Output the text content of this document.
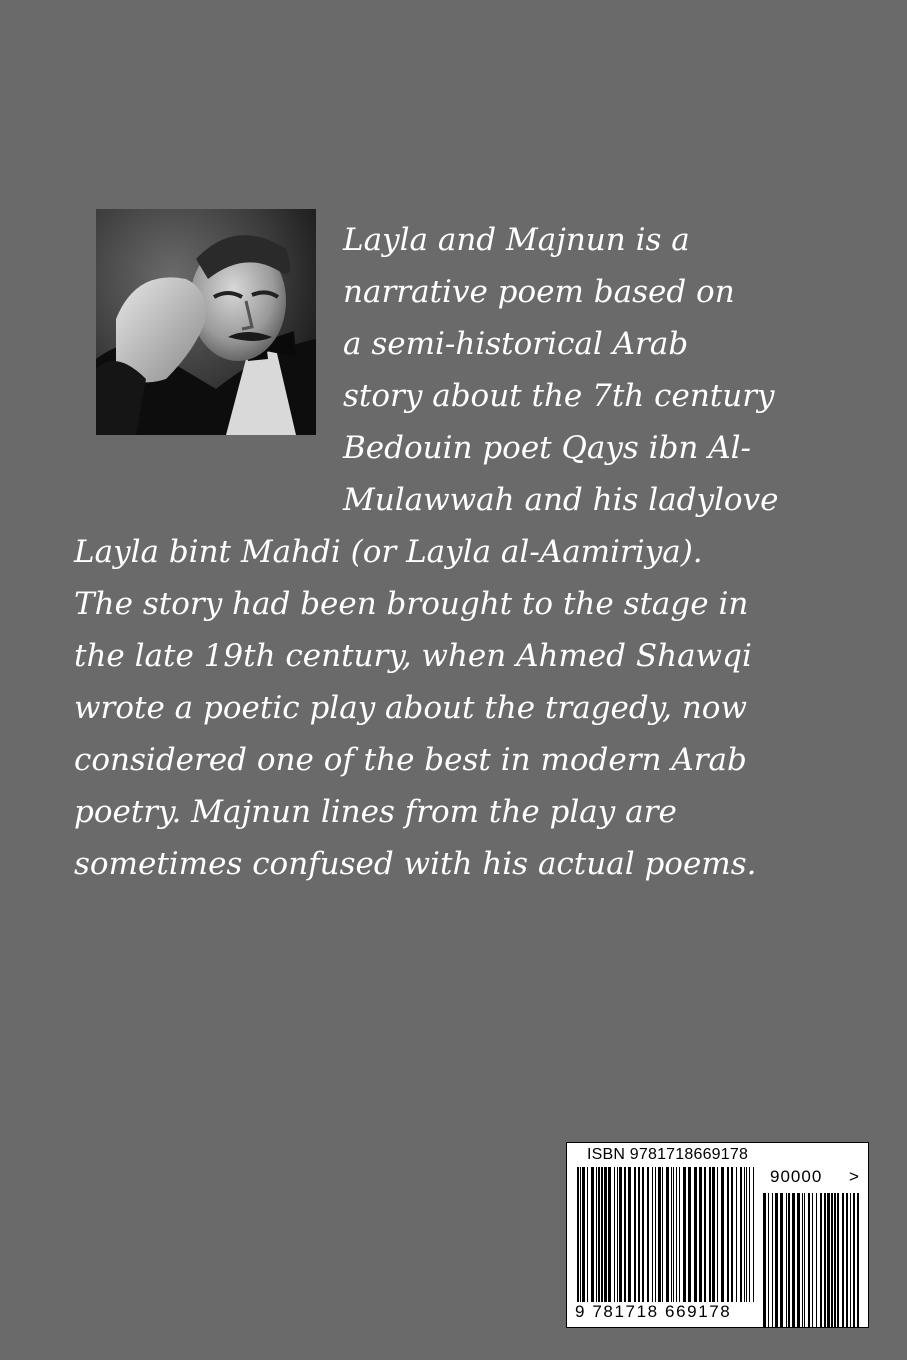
Layla and Majnun is a
narrative poem based on
a semi-historical Arab
story about the 7th century
Bedouin poet Qays ibn Al-
Mulawwah and his ladylove
Layla bint Mahdi (or Layla al-Aamiriya).
The story had been brought to the stage in
the late 19th century, when Ahmed Shawqi
wrote a poetic play about the tragedy, now
considered one of the best in modern Arab
poetry. Majnun lines from the play are
sometimes confused with his actual poems.
ISBN 9781718669178
90000 >
9 781718 669178
